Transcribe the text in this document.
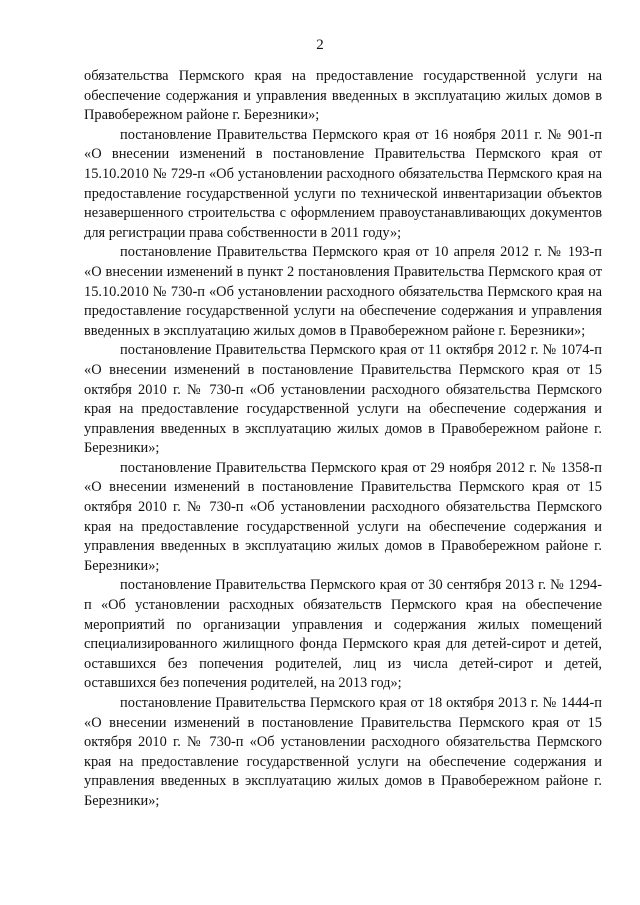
2

обязательства Пермского края на предоставление государственной услуги на обеспечение содержания и управления введенных в эксплуатацию жилых домов в Правобережном районе г. Березники»;

постановление Правительства Пермского края от 16 ноября 2011 г. № 901-п «О внесении изменений в постановление Правительства Пермского края от 15.10.2010 № 729-п «Об установлении расходного обязательства Пермского края на предоставление государственной услуги по технической инвентаризации объектов незавершенного строительства с оформлением правоустанавливающих документов для регистрации права собственности в 2011 году»;

постановление Правительства Пермского края от 10 апреля 2012 г. № 193-п «О внесении изменений в пункт 2 постановления Правительства Пермского края от 15.10.2010 № 730-п «Об установлении расходного обязательства Пермского края на предоставление государственной услуги на обеспечение содержания и управления введенных в эксплуатацию жилых домов в Правобережном районе г. Березники»;

постановление Правительства Пермского края от 11 октября 2012 г. № 1074-п «О внесении изменений в постановление Правительства Пермского края от 15 октября 2010 г. № 730-п «Об установлении расходного обязательства Пермского края на предоставление государственной услуги на обеспечение содержания и управления введенных в эксплуатацию жилых домов в Правобережном районе г. Березники»;

постановление Правительства Пермского края от 29 ноября 2012 г. № 1358-п «О внесении изменений в постановление Правительства Пермского края от 15 октября 2010 г. № 730-п «Об установлении расходного обязательства Пермского края на предоставление государственной услуги на обеспечение содержания и управления введенных в эксплуатацию жилых домов в Правобережном районе г. Березники»;

постановление Правительства Пермского края от 30 сентября 2013 г. № 1294-п «Об установлении расходных обязательств Пермского края на обеспечение мероприятий по организации управления и содержания жилых помещений специализированного жилищного фонда Пермского края для детей-сирот и детей, оставшихся без попечения родителей, лиц из числа детей-сирот и детей, оставшихся без попечения родителей, на 2013 год»;

постановление Правительства Пермского края от 18 октября 2013 г. № 1444-п «О внесении изменений в постановление Правительства Пермского края от 15 октября 2010 г. № 730-п «Об установлении расходного обязательства Пермского края на предоставление государственной услуги на обеспечение содержания и управления введенных в эксплуатацию жилых домов в Правобережном районе г. Березники»;
